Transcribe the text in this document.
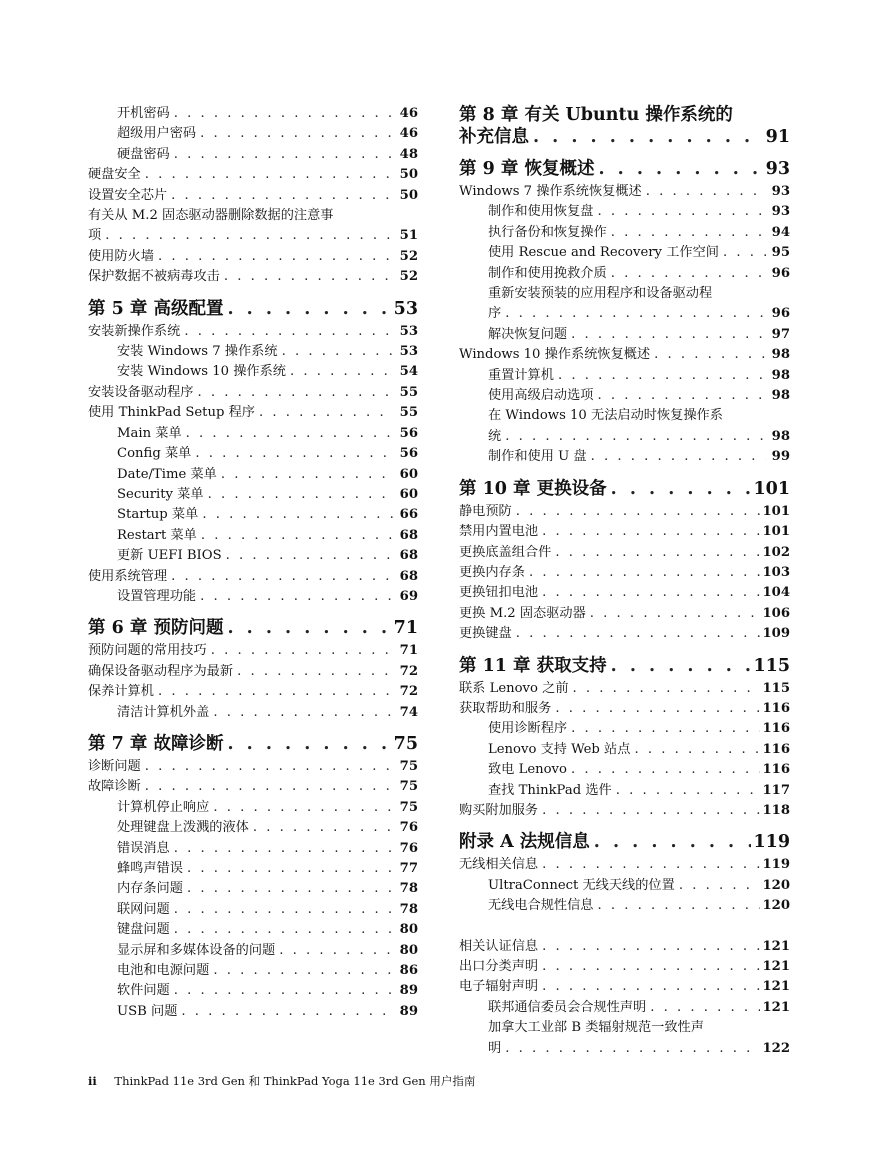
开机密码 . . .	46
超级用户密码 . . .	46
硬盘密码 . . .	48
硬盘安全 . . .	50
设置安全芯片 . . .	50
有关从 M.2 固态驱动器删除数据的注意事
项 . . .	51
使用防火墙 . . .	52
保护数据不被病毒攻击 . . .	52
第 5 章 高级配置 . . .	53
安装新操作系统 . . .	53
安装 Windows 7 操作系统 . . .	53
安装 Windows 10 操作系统 . . .	54
安装设备驱动程序 . . .	55
使用 ThinkPad Setup 程序 . . .	55
Main 菜单 . . .	56
Config 菜单 . . .	56
Date/Time 菜单 . . .	60
Security 菜单 . . .	60
Startup 菜单 . . .	66
Restart 菜单 . . .	68
更新 UEFI BIOS . . .	68
使用系统管理 . . .	68
设置管理功能 . . .	69
第 6 章 预防问题 . . .	71
预防问题的常用技巧 . . .	71
确保设备驱动程序为最新 . . .	72
保养计算机 . . .	72
清洁计算机外盖 . . .	74
第 7 章 故障诊断 . . .	75
诊断问题 . . .	75
故障诊断 . . .	75
计算机停止响应 . . .	75
处理键盘上泼溅的液体 . . .	76
错误消息 . . .	76
蜂鸣声错误 . . .	77
内存条问题 . . .	78
联网问题 . . .	78
键盘问题 . . .	80
显示屏和多媒体设备的问题 . . .	80
电池和电源问题 . . .	86
软件问题 . . .	89
USB 问题 . . .	89
第 8 章 有关 Ubuntu 操作系统的
补充信息 . . .	91
第 9 章 恢复概述 . . .	93
Windows 7 操作系统恢复概述 . . .	93
制作和使用恢复盘 . . .	93
执行备份和恢复操作 . . .	94
使用 Rescue and Recovery 工作空间 . . .	95
制作和使用挽救介质 . . .	96
重新安装预装的应用程序和设备驱动程
序 . . .	96
解决恢复问题 . . .	97
Windows 10 操作系统恢复概述 . . .	98
重置计算机 . . .	98
使用高级启动选项 . . .	98
在 Windows 10 无法启动时恢复操作系
统 . . .	98
制作和使用 U 盘 . . .	99
第 10 章 更换设备 . . .	101
静电预防 . . .	101
禁用内置电池 . . .	101
更换底盖组合件 . . .	102
更换内存条 . . .	103
更换钮扣电池 . . .	104
更换 M.2 固态驱动器 . . .	106
更换键盘 . . .	109
第 11 章 获取支持 . . .	115
联系 Lenovo 之前 . . .	115
获取帮助和服务 . . .	116
使用诊断程序 . . .	116
Lenovo 支持 Web 站点 . . .	116
致电 Lenovo . . .	116
查找 ThinkPad 选件 . . .	117
购买附加服务 . . .	118
附录 A 法规信息 . . .	119
无线相关信息 . . .	119
UltraConnect 无线天线的位置 . . .	120
无线电合规性信息 . . .	120
相关认证信息 . . .	121
出口分类声明 . . .	121
电子辐射声明 . . .	121
联邦通信委员会合规性声明 . . .	121
加拿大工业部 B 类辐射规范一致性声
明 . . .	122
ii ThinkPad 11e 3rd Gen 和 ThinkPad Yoga 11e 3rd Gen 用户指南
